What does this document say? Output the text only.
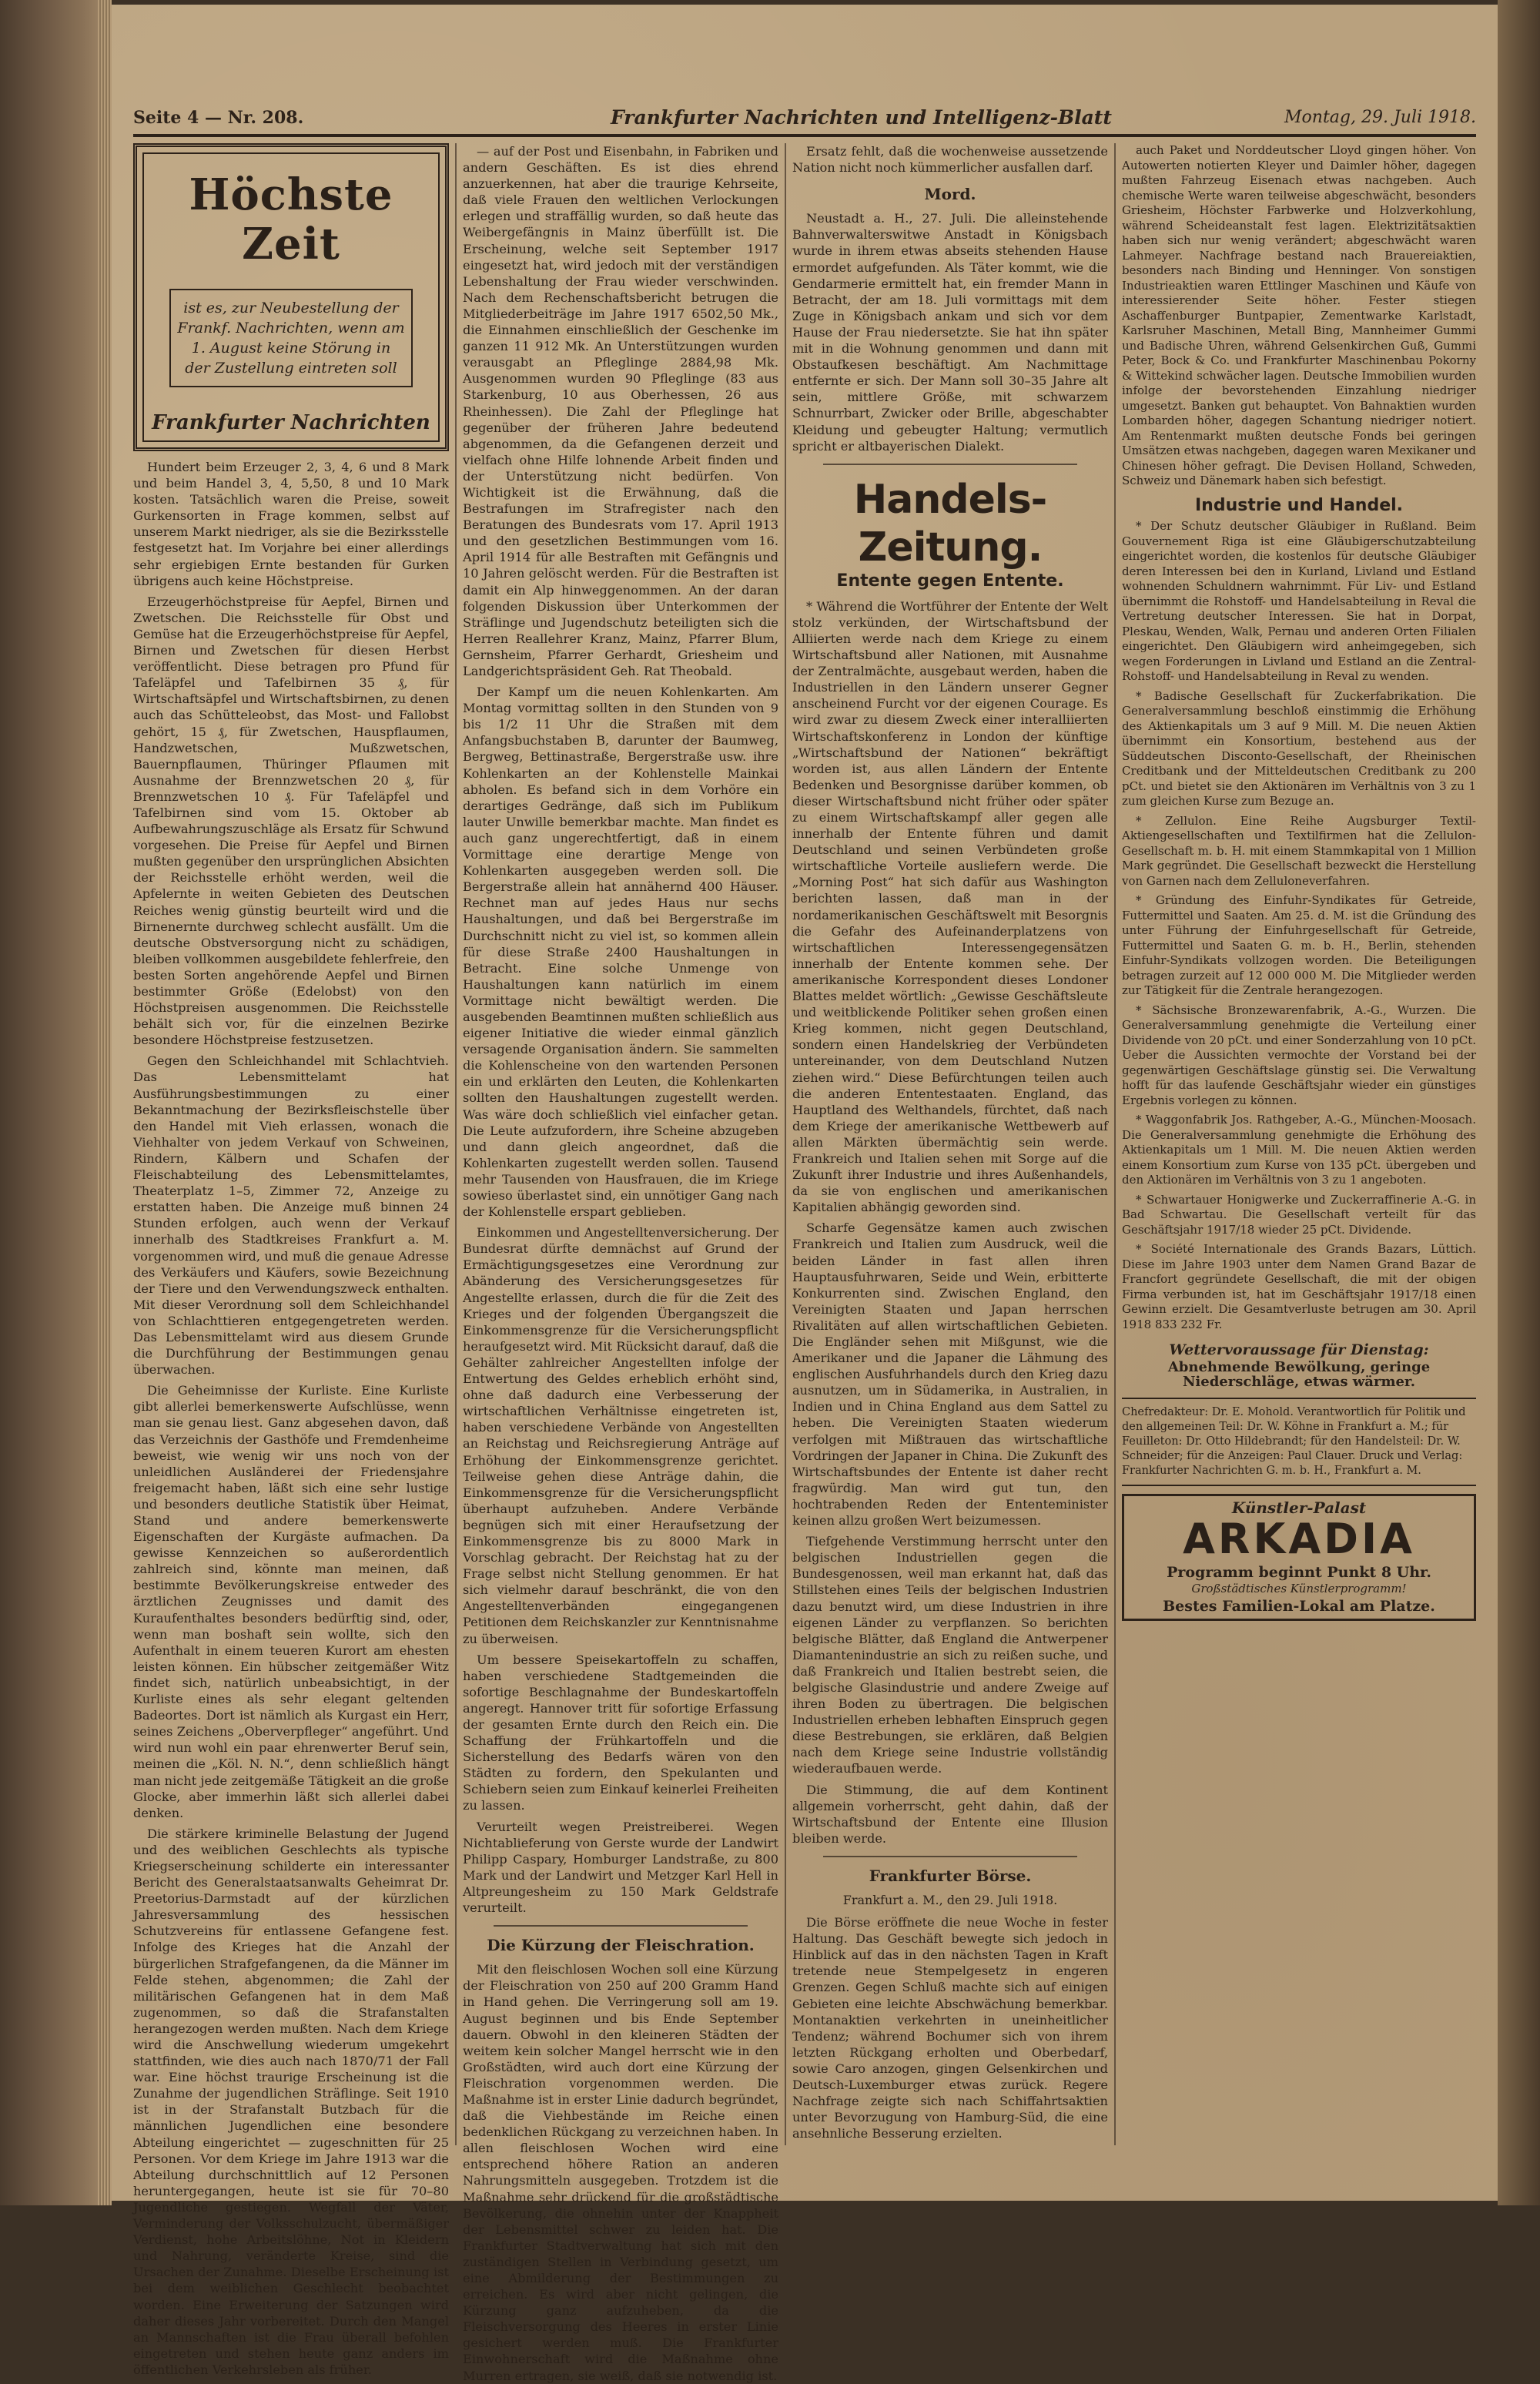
Seite 4 — Nr. 208.	Frankfurter Nachrichten und Intelligenz-Blatt	Montag, 29. Juli 1918.
Höchste Zeit
ist es, zur Neubestellung der Frankf. Nachrichten, wenn am 1. August keine Störung in der Zustellung eintreten soll
Frankfurter Nachrichten

Hundert beim Erzeuger 2, 3, 4, 6 und 8 Mark und beim Handel 3, 4, 5,50, 8 und 10 Mark kosten. Tatsächlich waren die Preise, soweit Gurkensorten in Frage kommen, selbst auf unserem Markt niedriger, als sie die Bezirksstelle festgesetzt hat. Im Vorjahre bei einer allerdings sehr ergiebigen Ernte bestanden für Gurken übrigens auch keine Höchstpreise.

Erzeugerhöchstpreise für Aepfel, Birnen und Zwetschen. Die Reichsstelle für Obst und Gemüse hat die Erzeugerhöchstpreise für Aepfel, Birnen und Zwetschen für diesen Herbst veröffentlicht. Diese betragen pro Pfund für Tafeläpfel und Tafelbirnen 35 ₰, für Wirtschaftsäpfel und Wirtschaftsbirnen, zu denen auch das Schütteleobst, das Most- und Fallobst gehört, 15 ₰, für Zwetschen, Hauspflaumen, Handzwetschen, Mußzwetschen, Bauernpflaumen, Thüringer Pflaumen mit Ausnahme der Brennzwetschen 20 ₰, für Brennzwetschen 10 ₰. Für Tafeläpfel und Tafelbirnen sind vom 15. Oktober ab Aufbewahrungszuschläge als Ersatz für Schwund vorgesehen. Die Preise für Aepfel und Birnen mußten gegenüber den ursprünglichen Absichten der Reichsstelle erhöht werden, weil die Apfelernte in weiten Gebieten des Deutschen Reiches wenig günstig beurteilt wird und die Birnenernte durchweg schlecht ausfällt. Um die deutsche Obstversorgung nicht zu schädigen, bleiben vollkommen ausgebildete fehlerfreie, den besten Sorten angehörende Aepfel und Birnen bestimmter Größe (Edelobst) von den Höchstpreisen ausgenommen. Die Reichsstelle behält sich vor, für die einzelnen Bezirke besondere Höchstpreise festzusetzen.

Gegen den Schleichhandel mit Schlachtvieh. Das Lebensmittelamt hat Ausführungsbestimmungen zu einer Bekanntmachung der Bezirksfleischstelle über den Handel mit Vieh erlassen, wonach die Viehhalter von jedem Verkauf von Schweinen, Rindern, Kälbern und Schafen der Fleischabteilung des Lebensmittelamtes, Theaterplatz 1–5, Zimmer 72, Anzeige zu erstatten haben. Die Anzeige muß binnen 24 Stunden erfolgen, auch wenn der Verkauf innerhalb des Stadtkreises Frankfurt a. M. vorgenommen wird, und muß die genaue Adresse des Verkäufers und Käufers, sowie Bezeichnung der Tiere und den Verwendungszweck enthalten. Mit dieser Verordnung soll dem Schleichhandel von Schlachttieren entgegengetreten werden. Das Lebensmittelamt wird aus diesem Grunde die Durchführung der Bestimmungen genau überwachen.

Die Geheimnisse der Kurliste. Eine Kurliste gibt allerlei bemerkenswerte Aufschlüsse, wenn man sie genau liest. Ganz abgesehen davon, daß das Verzeichnis der Gasthöfe und Fremdenheime beweist, wie wenig wir uns noch von der unleidlichen Ausländerei der Friedensjahre freigemacht haben, läßt sich eine sehr lustige und besonders deutliche Statistik über Heimat, Stand und andere bemerkenswerte Eigenschaften der Kurgäste aufmachen. Da gewisse Kennzeichen so außerordentlich zahlreich sind, könnte man meinen, daß bestimmte Bevölkerungskreise entweder des ärztlichen Zeugnisses und damit des Kuraufenthaltes besonders bedürftig sind, oder, wenn man boshaft sein wollte, sich den Aufenthalt in einem teueren Kurort am ehesten leisten können. Ein hübscher zeitgemäßer Witz findet sich, natürlich unbeabsichtigt, in der Kurliste eines als sehr elegant geltenden Badeortes. Dort ist nämlich als Kurgast ein Herr, seines Zeichens „Oberverpfleger“ angeführt. Und wird nun wohl ein paar ehrenwerter Beruf sein, meinen die „Köl. N. N.“, denn schließlich hängt man nicht jede zeitgemäße Tätigkeit an die große Glocke, aber immerhin läßt sich allerlei dabei denken.

Die stärkere kriminelle Belastung der Jugend und des weiblichen Geschlechts als typische Kriegserscheinung schilderte ein interessanter Bericht des Generalstaatsanwalts Geheimrat Dr. Preetorius-Darmstadt auf der kürzlichen Jahresversammlung des hessischen Schutzvereins für entlassene Gefangene fest. Infolge des Krieges hat die Anzahl der bürgerlichen Strafgefangenen, da die Männer im Felde stehen, abgenommen; die Zahl der militärischen Gefangenen hat in dem Maß zugenommen, so daß die Strafanstalten herangezogen werden mußten. Nach dem Kriege wird die Anschwellung wiederum umgekehrt stattfinden, wie dies auch nach 1870/71 der Fall war. Eine höchst traurige Erscheinung ist die Zunahme der jugendlichen Sträflinge. Seit 1910 ist in der Strafanstalt Butzbach für die männlichen Jugendlichen eine besondere Abteilung eingerichtet — zugeschnitten für 25 Personen. Vor dem Kriege im Jahre 1913 war die Abteilung durchschnittlich auf 12 Personen heruntergegangen, heute ist sie für 70–80 Jugendliche gestiegen. Wegfall der Väter, Verminderung der Volksschulzucht, übermäßiger Verdienst, hohe Arbeitslöhne, Not in Kleidern und Nahrung, veränderte Kreise, sind die Ursachen der Zunahme. Dieselbe Erscheinung ist bei dem weiblichen Geschlecht beobachtet worden. Eine Erweiterung der Satzungen wird daher dieses Jahr vorbereitet. Durch den Mangel an Mannschaften ist die Frau überall befohlen eingetreten und stehen heute ganz anders im öffentlichen Verkehrsleben als früher.

— auf der Post und Eisenbahn, in Fabriken und andern Geschäften. Es ist dies ehrend anzuerkennen, hat aber die traurige Kehrseite, daß viele Frauen den weltlichen Verlockungen erlegen und straffällig wurden, so daß heute das Weibergefängnis in Mainz überfüllt ist. Die Erscheinung, welche seit September 1917 eingesetzt hat, wird jedoch mit der verständigen Lebenshaltung der Frau wieder verschwinden. Nach dem Rechenschaftsbericht betrugen die Mitgliederbeiträge im Jahre 1917 6502,50 Mk., die Einnahmen einschließlich der Geschenke im ganzen 11 912 Mk. An Unterstützungen wurden verausgabt an Pfleglinge 2884,98 Mk. Ausgenommen wurden 90 Pfleglinge (83 aus Starkenburg, 10 aus Oberhessen, 26 aus Rheinhessen). Die Zahl der Pfleglinge hat gegenüber der früheren Jahre bedeutend abgenommen, da die Gefangenen derzeit und vielfach ohne Hilfe lohnende Arbeit finden und der Unterstützung nicht bedürfen. Von Wichtigkeit ist die Erwähnung, daß die Bestrafungen im Strafregister nach den Beratungen des Bundesrats vom 17. April 1913 und den gesetzlichen Bestimmungen vom 16. April 1914 für alle Bestraften mit Gefängnis und 10 Jahren gelöscht werden. Für die Bestraften ist damit ein Alp hinweggenommen. An der daran folgenden Diskussion über Unterkommen der Sträflinge und Jugendschutz beteiligten sich die Herren Reallehrer Kranz, Mainz, Pfarrer Blum, Gernsheim, Pfarrer Gerhardt, Griesheim und Landgerichtspräsident Geh. Rat Theobald.

Der Kampf um die neuen Kohlenkarten. Am Montag vormittag sollten in den Stunden von 9 bis 1/2 11 Uhr die Straßen mit dem Anfangsbuchstaben B, darunter der Baumweg, Bergweg, Bettinastraße, Bergerstraße usw. ihre Kohlenkarten an der Kohlenstelle Mainkai abholen. Es befand sich in dem Vorhöre ein derartiges Gedränge, daß sich im Publikum lauter Unwille bemerkbar machte. Man findet es auch ganz ungerechtfertigt, daß in einem Vormittage eine derartige Menge von Kohlenkarten ausgegeben werden soll. Die Bergerstraße allein hat annähernd 400 Häuser. Rechnet man auf jedes Haus nur sechs Haushaltungen, und daß bei Bergerstraße im Durchschnitt nicht zu viel ist, so kommen allein für diese Straße 2400 Haushaltungen in Betracht. Eine solche Unmenge von Haushaltungen kann natürlich im einem Vormittage nicht bewältigt werden. Die ausgebenden Beamtinnen mußten schließlich aus eigener Initiative die wieder einmal gänzlich versagende Organisation ändern. Sie sammelten die Kohlenscheine von den wartenden Personen ein und erklärten den Leuten, die Kohlenkarten sollten den Haushaltungen zugestellt werden. Was wäre doch schließlich viel einfacher getan. Die Leute aufzufordern, ihre Scheine abzugeben und dann gleich angeordnet, daß die Kohlenkarten zugestellt werden sollen. Tausend mehr Tausenden von Hausfrauen, die im Kriege sowieso überlastet sind, ein unnötiger Gang nach der Kohlenstelle erspart geblieben.

Einkommen und Angestelltenversicherung. Der Bundesrat dürfte demnächst auf Grund der Ermächtigungsgesetzes eine Verordnung zur Abänderung des Versicherungsgesetzes für Angestellte erlassen, durch die für die Zeit des Krieges und der folgenden Übergangszeit die Einkommensgrenze für die Versicherungspflicht heraufgesetzt wird. Mit Rücksicht darauf, daß die Gehälter zahlreicher Angestellten infolge der Entwertung des Geldes erheblich erhöht sind, ohne daß dadurch eine Verbesserung der wirtschaftlichen Verhältnisse eingetreten ist, haben verschiedene Verbände von Angestellten an Reichstag und Reichsregierung Anträge auf Erhöhung der Einkommensgrenze gerichtet. Teilweise gehen diese Anträge dahin, die Einkommensgrenze für die Versicherungspflicht überhaupt aufzuheben. Andere Verbände begnügen sich mit einer Heraufsetzung der Einkommensgrenze bis zu 8000 Mark in Vorschlag gebracht. Der Reichstag hat zu der Frage selbst nicht Stellung genommen. Er hat sich vielmehr darauf beschränkt, die von den Angestelltenverbänden eingegangenen Petitionen dem Reichskanzler zur Kenntnisnahme zu überweisen.

Um bessere Speisekartoffeln zu schaffen, haben verschiedene Stadtgemeinden die sofortige Beschlagnahme der Bundeskartoffeln angeregt. Hannover tritt für sofortige Erfassung der gesamten Ernte durch den Reich ein. Die Schaffung der Frühkartoffeln und die Sicherstellung des Bedarfs wären von den Städten zu fordern, den Spekulanten und Schiebern seien zum Einkauf keinerlei Freiheiten zu lassen.

Verurteilt wegen Preistreiberei. Wegen Nichtablieferung von Gerste wurde der Landwirt Philipp Caspary, Homburger Landstraße, zu 800 Mark und der Landwirt und Metzger Karl Hell in Altpreungesheim zu 150 Mark Geldstrafe verurteilt.

Die Kürzung der Fleischration.

Mit den fleischlosen Wochen soll eine Kürzung der Fleischration von 250 auf 200 Gramm Hand in Hand gehen. Die Verringerung soll am 19. August beginnen und bis Ende September dauern. Obwohl in den kleineren Städten der weitem kein solcher Mangel herrscht wie in den Großstädten, wird auch dort eine Kürzung der Fleischration vorgenommen werden. Die Maßnahme ist in erster Linie dadurch begründet, daß die Viehbestände im Reiche einen bedenklichen Rückgang zu verzeichnen haben. In allen fleischlosen Wochen wird eine entsprechend höhere Ration an anderen Nahrungsmitteln ausgegeben. Trotzdem ist die Maßnahme sehr drückend für die großstädtische Bevölkerung, die ohnehin unter der Knappheit der Lebensmittel schwer zu leiden hat. Die Frankfurter Stadtverwaltung hat sich mit den zuständigen Stellen in Verbindung gesetzt, um eine Abmilderung der Bestimmungen zu erreichen. Es wird aber nicht gelingen, die Kürzung ganz aufzuheben, da die Fleischversorgung des Heeres in erster Linie gesichert werden muß. Die Frankfurter Einwohnerschaft wird die Maßnahme ohne Murren ertragen, sie weiß, daß sie notwendig ist.

Ersatz fehlt, daß die wochenweise aussetzende Nation nicht noch kümmerlicher ausfallen darf.

Mord.

Neustadt a. H., 27. Juli. Die alleinstehende Bahnverwalterswitwe Anstadt in Königsbach wurde in ihrem etwas abseits stehenden Hause ermordet aufgefunden. Als Täter kommt, wie die Gendarmerie ermittelt hat, ein fremder Mann in Betracht, der am 18. Juli vormittags mit dem Zuge in Königsbach ankam und sich vor dem Hause der Frau niedersetzte. Sie hat ihn später mit in die Wohnung genommen und dann mit Obstaufkesen beschäftigt. Am Nachmittage entfernte er sich. Der Mann soll 30–35 Jahre alt sein, mittlere Größe, mit schwarzem Schnurrbart, Zwicker oder Brille, abgeschabter Kleidung und gebeugter Haltung; vermutlich spricht er altbayerischen Dialekt.

Handels-Zeitung.
Entente gegen Entente.

* Während die Wortführer der Entente der Welt stolz verkünden, der Wirtschaftsbund der Alliierten werde nach dem Kriege zu einem Wirtschaftsbund aller Nationen, mit Ausnahme der Zentralmächte, ausgebaut werden, haben die Industriellen in den Ländern unserer Gegner anscheinend Furcht vor der eigenen Courage. Es wird zwar zu diesem Zweck einer interalliierten Wirtschaftskonferenz in London der künftige „Wirtschaftsbund der Nationen“ bekräftigt worden ist, aus allen Ländern der Entente Bedenken und Besorgnisse darüber kommen, ob dieser Wirtschaftsbund nicht früher oder später zu einem Wirtschaftskampf aller gegen alle innerhalb der Entente führen und damit Deutschland und seinen Verbündeten große wirtschaftliche Vorteile ausliefern werde. Die „Morning Post“ hat sich dafür aus Washington berichten lassen, daß man in der nordamerikanischen Geschäftswelt mit Besorgnis die Gefahr des Aufeinanderplatzens von wirtschaftlichen Interessengegensätzen innerhalb der Entente kommen sehe. Der amerikanische Korrespondent dieses Londoner Blattes meldet wörtlich: „Gewisse Geschäftsleute und weitblickende Politiker sehen großen einen Krieg kommen, nicht gegen Deutschland, sondern einen Handelskrieg der Verbündeten untereinander, von dem Deutschland Nutzen ziehen wird.“ Diese Befürchtungen teilen auch die anderen Ententestaaten. England, das Hauptland des Welthandels, fürchtet, daß nach dem Kriege der amerikanische Wettbewerb auf allen Märkten übermächtig sein werde. Frankreich und Italien sehen mit Sorge auf die Zukunft ihrer Industrie und ihres Außenhandels, da sie von englischen und amerikanischen Kapitalien abhängig geworden sind.

Scharfe Gegensätze kamen auch zwischen Frankreich und Italien zum Ausdruck, weil die beiden Länder in fast allen ihren Hauptausfuhrwaren, Seide und Wein, erbitterte Konkurrenten sind. Zwischen England, den Vereinigten Staaten und Japan herrschen Rivalitäten auf allen wirtschaftlichen Gebieten. Die Engländer sehen mit Mißgunst, wie die Amerikaner und die Japaner die Lähmung des englischen Ausfuhrhandels durch den Krieg dazu ausnutzen, um in Südamerika, in Australien, in Indien und in China England aus dem Sattel zu heben. Die Vereinigten Staaten wiederum verfolgen mit Mißtrauen das wirtschaftliche Vordringen der Japaner in China. Die Zukunft des Wirtschaftsbundes der Entente ist daher recht fragwürdig. Man wird gut tun, den hochtrabenden Reden der Ententeminister keinen allzu großen Wert beizumessen.

Tiefgehende Verstimmung herrscht unter den belgischen Industriellen gegen die Bundesgenossen, weil man erkannt hat, daß das Stillstehen eines Teils der belgischen Industrien dazu benutzt wird, um diese Industrien in ihre eigenen Länder zu verpflanzen. So berichten belgische Blätter, daß England die Antwerpener Diamantenindustrie an sich zu reißen suche, und daß Frankreich und Italien bestrebt seien, die belgische Glasindustrie und andere Zweige auf ihren Boden zu übertragen. Die belgischen Industriellen erheben lebhaften Einspruch gegen diese Bestrebungen, sie erklären, daß Belgien nach dem Kriege seine Industrie vollständig wiederaufbauen werde.

Die Stimmung, die auf dem Kontinent allgemein vorherrscht, geht dahin, daß der Wirtschaftsbund der Entente eine Illusion bleiben werde.

Frankfurter Börse.
Frankfurt a. M., den 29. Juli 1918.

Die Börse eröffnete die neue Woche in fester Haltung. Das Geschäft bewegte sich jedoch in Hinblick auf das in den nächsten Tagen in Kraft tretende neue Stempelgesetz in engeren Grenzen. Gegen Schluß machte sich auf einigen Gebieten eine leichte Abschwächung bemerkbar. Montanaktien verkehrten in uneinheitlicher Tendenz; während Bochumer sich von ihrem letzten Rückgang erholten und Oberbedarf, sowie Caro anzogen, gingen Gelsenkirchen und Deutsch-Luxemburger etwas zurück. Regere Nachfrage zeigte sich nach Schiffahrtsaktien unter Bevorzugung von Hamburg-Süd, die eine ansehnliche Besserung erzielten.

auch Paket und Norddeutscher Lloyd gingen höher. Von Autowerten notierten Kleyer und Daimler höher, dagegen mußten Fahrzeug Eisenach etwas nachgeben. Auch chemische Werte waren teilweise abgeschwächt, besonders Griesheim, Höchster Farbwerke und Holzverkohlung, während Scheideanstalt fest lagen. Elektrizitätsaktien haben sich nur wenig verändert; abgeschwächt waren Lahmeyer. Nachfrage bestand nach Brauereiaktien, besonders nach Binding und Henninger. Von sonstigen Industrieaktien waren Ettlinger Maschinen und Käufe von interessierender Seite höher. Fester stiegen Aschaffenburger Buntpapier, Zementwarke Karlstadt, Karlsruher Maschinen, Metall Bing, Mannheimer Gummi und Badische Uhren, während Gelsenkirchen Guß, Gummi Peter, Bock & Co. und Frankfurter Maschinenbau Pokorny & Wittekind schwächer lagen. Deutsche Immobilien wurden infolge der bevorstehenden Einzahlung niedriger umgesetzt. Banken gut behauptet. Von Bahnaktien wurden Lombarden höher, dagegen Schantung niedriger notiert. Am Rentenmarkt mußten deutsche Fonds bei geringen Umsätzen etwas nachgeben, dagegen waren Mexikaner und Chinesen höher gefragt. Die Devisen Holland, Schweden, Schweiz und Dänemark haben sich befestigt.

Industrie und Handel.

* Der Schutz deutscher Gläubiger in Rußland. Beim Gouvernement Riga ist eine Gläubigerschutzabteilung eingerichtet worden, die kostenlos für deutsche Gläubiger deren Interessen bei den in Kurland, Livland und Estland wohnenden Schuldnern wahrnimmt. Für Liv- und Estland übernimmt die Rohstoff- und Handelsabteilung in Reval die Vertretung deutscher Interessen. Sie hat in Dorpat, Pleskau, Wenden, Walk, Pernau und anderen Orten Filialen eingerichtet. Den Gläubigern wird anheimgegeben, sich wegen Forderungen in Livland und Estland an die Zentral-Rohstoff- und Handelsabteilung in Reval zu wenden.

* Badische Gesellschaft für Zuckerfabrikation. Die Generalversammlung beschloß einstimmig die Erhöhung des Aktienkapitals um 3 auf 9 Mill. M. Die neuen Aktien übernimmt ein Konsortium, bestehend aus der Süddeutschen Disconto-Gesellschaft, der Rheinischen Creditbank und der Mitteldeutschen Creditbank zu 200 pCt. und bietet sie den Aktionären im Verhältnis von 3 zu 1 zum gleichen Kurse zum Bezuge an.

* Zellulon. Eine Reihe Augsburger Textil-Aktiengesellschaften und Textilfirmen hat die Zellulon-Gesellschaft m. b. H. mit einem Stammkapital von 1 Million Mark gegründet. Die Gesellschaft bezweckt die Herstellung von Garnen nach dem Zelluloneverfahren.

* Gründung des Einfuhr-Syndikates für Getreide, Futtermittel und Saaten. Am 25. d. M. ist die Gründung des unter Führung der Einfuhrgesellschaft für Getreide, Futtermittel und Saaten G. m. b. H., Berlin, stehenden Einfuhr-Syndikats vollzogen worden. Die Beteiligungen betragen zurzeit auf 12 000 000 M. Die Mitglieder werden zur Tätigkeit für die Zentrale herangezogen.

* Sächsische Bronzewarenfabrik, A.-G., Wurzen. Die Generalversammlung genehmigte die Verteilung einer Dividende von 20 pCt. und einer Sonderzahlung von 10 pCt. Ueber die Aussichten vermochte der Vorstand bei der gegenwärtigen Geschäftslage günstig sei. Die Verwaltung hofft für das laufende Geschäftsjahr wieder ein günstiges Ergebnis vorlegen zu können.

* Waggonfabrik Jos. Rathgeber, A.-G., München-Moosach. Die Generalversammlung genehmigte die Erhöhung des Aktienkapitals um 1 Mill. M. Die neuen Aktien werden einem Konsortium zum Kurse von 135 pCt. übergeben und den Aktionären im Verhältnis von 3 zu 1 angeboten.

* Schwartauer Honigwerke und Zuckerraffinerie A.-G. in Bad Schwartau. Die Gesellschaft verteilt für das Geschäftsjahr 1917/18 wieder 25 pCt. Dividende.

* Société Internationale des Grands Bazars, Lüttich. Diese im Jahre 1903 unter dem Namen Grand Bazar de Francfort gegründete Gesellschaft, die mit der obigen Firma verbunden ist, hat im Geschäftsjahr 1917/18 einen Gewinn erzielt. Die Gesamtverluste betrugen am 30. April 1918 833 232 Fr.

Wettervoraussage für Dienstag:
Abnehmende Bewölkung, geringe Niederschläge, etwas wärmer.
Chefredakteur: Dr. E. Mohold. Verantwortlich für Politik und den allgemeinen Teil: Dr. W. Köhne in Frankfurt a. M.; für Feuilleton: Dr. Otto Hildebrandt; für den Handelsteil: Dr. W. Schneider; für die Anzeigen: Paul Clauer. Druck und Verlag: Frankfurter Nachrichten G. m. b. H., Frankfurt a. M.
Künstler-Palast
ARKADIA
Programm beginnt Punkt 8 Uhr.
Großstädtisches Künstlerprogramm!
Bestes Familien-Lokal am Platze.
